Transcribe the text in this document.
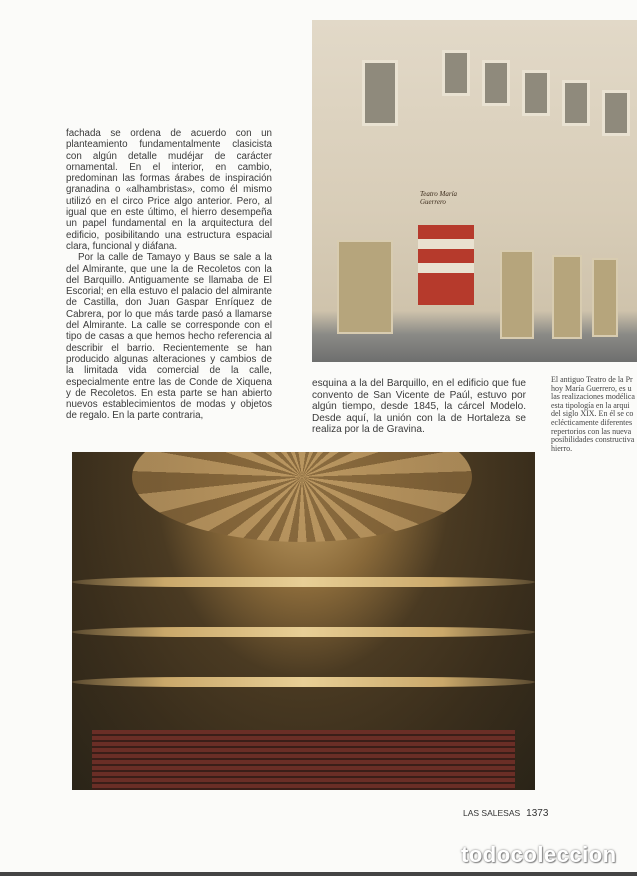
Teatro María Guerrero

fachada se ordena de acuerdo con un planteamiento fundamentalmente clasicista con algún detalle mudéjar de carácter ornamental. En el interior, en cambio, predominan las formas árabes de inspiración granadina o «alhambristas», como él mismo utilizó en el circo Price algo anterior. Pero, al igual que en este último, el hierro desempeña un papel fundamental en la arquitectura del edificio, posibilitando una estructura espacial clara, funcional y diáfana.

Por la calle de Tamayo y Baus se sale a la del Almirante, que une la de Recoletos con la del Barquillo. Antiguamente se llamaba de El Escorial; en ella estuvo el palacio del almirante de Castilla, don Juan Gaspar Enríquez de Cabrera, por lo que más tarde pasó a llamarse del Almirante. La calle se corresponde con el tipo de casas a que hemos hecho referencia al describir el barrio. Recientemente se han producido algunas alteraciones y cambios de la limitada vida comercial de la calle, especialmente entre las de Conde de Xiquena y de Recoletos. En esta parte se han abierto nuevos establecimientos de modas y objetos de regalo. En la parte contraria,

esquina a la del Barquillo, en el edificio que fue convento de San Vicente de Paúl, estuvo por algún tiempo, desde 1845, la cárcel Modelo. Desde aquí, la unión con la de Hortaleza se realiza por la de Gravina.

El antiguo Teatro de la Pr
hoy María Guerrero, es u
las realizaciones modélica
esta tipología en la arqui
del siglo XIX. En él se co
eclécticamente diferentes
repertorios con las nueva
posibilidades constructiva
hierro.
LAS SALESAS 1373
todocoleccion
